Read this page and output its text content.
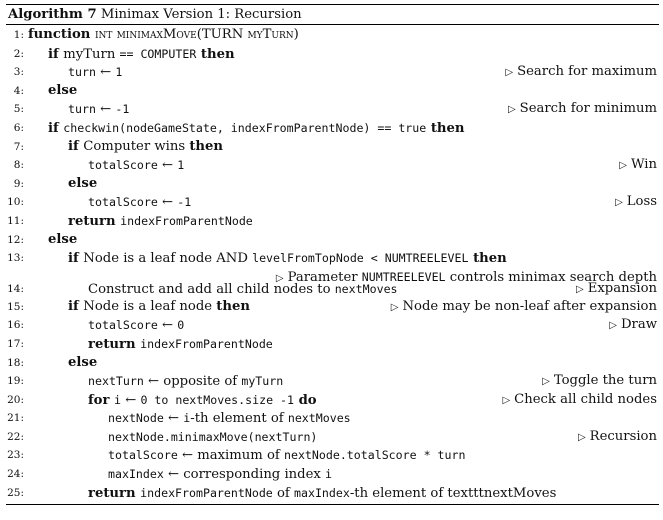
Algorithm 7 Minimax Version 1: Recursion
1: function int minimaxMove(TURN myTurn)
2:	if myTurn == COMPUTER then
3:	turn ← 1	▷ Search for maximum
4:	else
5:	turn ← -1	▷ Search for minimum
6:	if checkwin(nodeGameState, indexFromParentNode) == true then
7:	if Computer wins then
8:	totalScore ← 1	▷ Win
9:	else
10:	totalScore ← -1	▷ Loss
11:	return indexFromParentNode
12:	else
13:	if Node is a leaf node AND levelFromTopNode < NUMTREELEVEL then
14:	Construct and add all child nodes to nextMoves
▷ Parameter NUMTREELEVEL controls minimax search depth
▷ Expansion
15:	if Node is a leaf node then	▷ Node may be non-leaf after expansion
16:	totalScore ← 0	▷ Draw
17:	return indexFromParentNode
18:	else
19:	nextTurn ← opposite of myTurn	▷ Toggle the turn
20:	for i ← 0 to nextMoves.size -1 do	▷ Check all child nodes
21:	nextNode ← i-th element of nextMoves
22:	nextNode.minimaxMove(nextTurn)	▷ Recursion
23:	totalScore ← maximum of nextNode.totalScore * turn
24:	maxIndex ← corresponding index i
25:	return indexFromParentNode of maxIndex-th element of textttnextMoves
